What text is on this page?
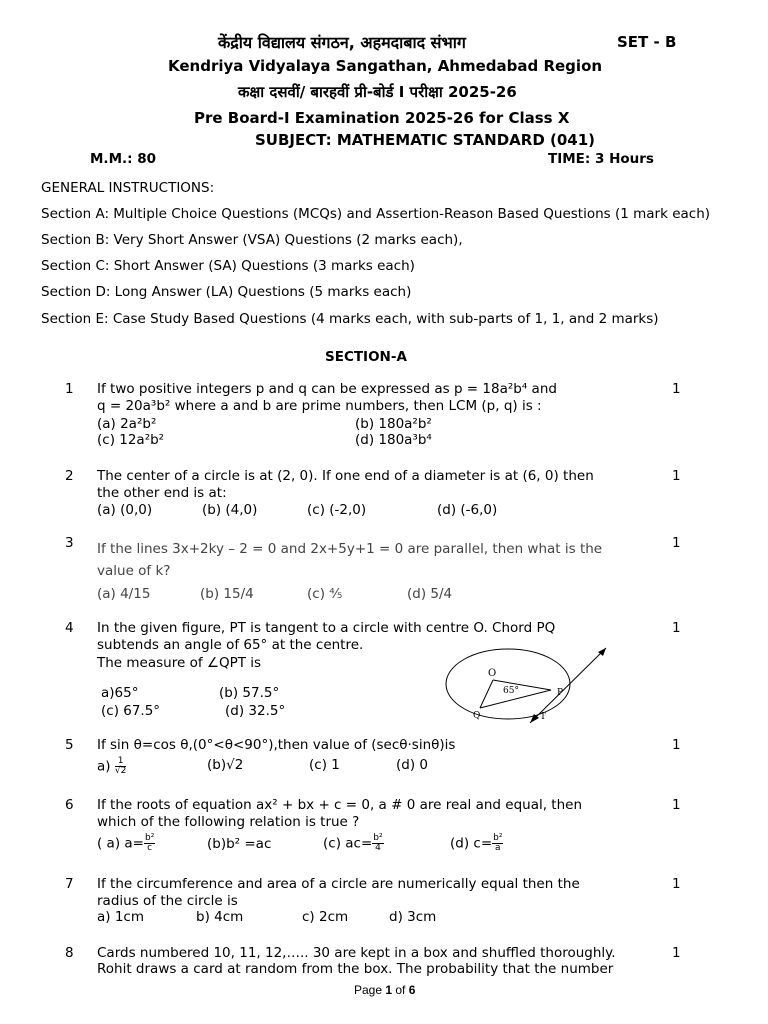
केंद्रीय विद्यालय संगठन, अहमदाबाद संभाग	SET - B
Kendriya Vidyalaya Sangathan, Ahmedabad Region
कक्षा दसवीं/ बारहवीं प्री-बोर्ड I परीक्षा 2025-26
Pre Board-I Examination 2025-26 for Class X
SUBJECT: MATHEMATIC STANDARD (041)
M.M.: 80	TIME: 3 Hours
GENERAL INSTRUCTIONS:
Section A: Multiple Choice Questions (MCQs) and Assertion-Reason Based Questions (1 mark each)
Section B: Very Short Answer (VSA) Questions (2 marks each),
Section C: Short Answer (SA) Questions (3 marks each)
Section D: Long Answer (LA) Questions (5 marks each)
Section E: Case Study Based Questions (4 marks each, with sub-parts of 1, 1, and 2 marks)
SECTION-A
1	1
If two positive integers p and q can be expressed as p = 18a²b⁴ and
q = 20a³b² where a and b are prime numbers, then LCM (p, q) is :
(a) 2a²b²	(b) 180a²b²
(c) 12a²b²	(d) 180a³b⁴
2	1
The center of a circle is at (2, 0). If one end of a diameter is at (6, 0) then
the other end is at:
(a) (0,0)	(b) (4,0)	(c) (-2,0)	(d) (-6,0)
3	1
If the lines 3x+2ky – 2 = 0 and 2x+5y+1 = 0 are parallel, then what is the
value of k?
(a) 4/15	(b) 15/4	(c) ⅘	(d) 5/4
4	1
In the given figure, PT is tangent to a circle with centre O. Chord PQ
subtends an angle of 65° at the centre.
The measure of ∠QPT is
a)65°	(b) 57.5°
(c) 67.5°	(d) 32.5°
O
65°	P
Q	T
5	1
If sin θ=cos θ,(0°<θ<90°),then value of (secθ·sinθ)is
$a) \frac{1}{√2}$	(b)√2	(c) 1	(d) 0
6	1
If the roots of equation ax² + bx + c = 0, a # 0 are real and equal, then
which of the following relation is true ?
( a) $a= \frac{\text{b²}}{c}$	(b)b² =ac	(c) $ac= \frac{\text{b²}}{4}$	(d) $c= \frac{\text{b²}}{a}$
7	1
If the circumference and area of a circle are numerically equal then the
radius of the circle is
a) 1cm	b) 4cm	c) 2cm	d) 3cm
8	1
Cards numbered 10, 11, 12,….. 30 are kept in a box and shuffled thoroughly.
Rohit draws a card at random from the box. The probability that the number
Page 1 of 6
